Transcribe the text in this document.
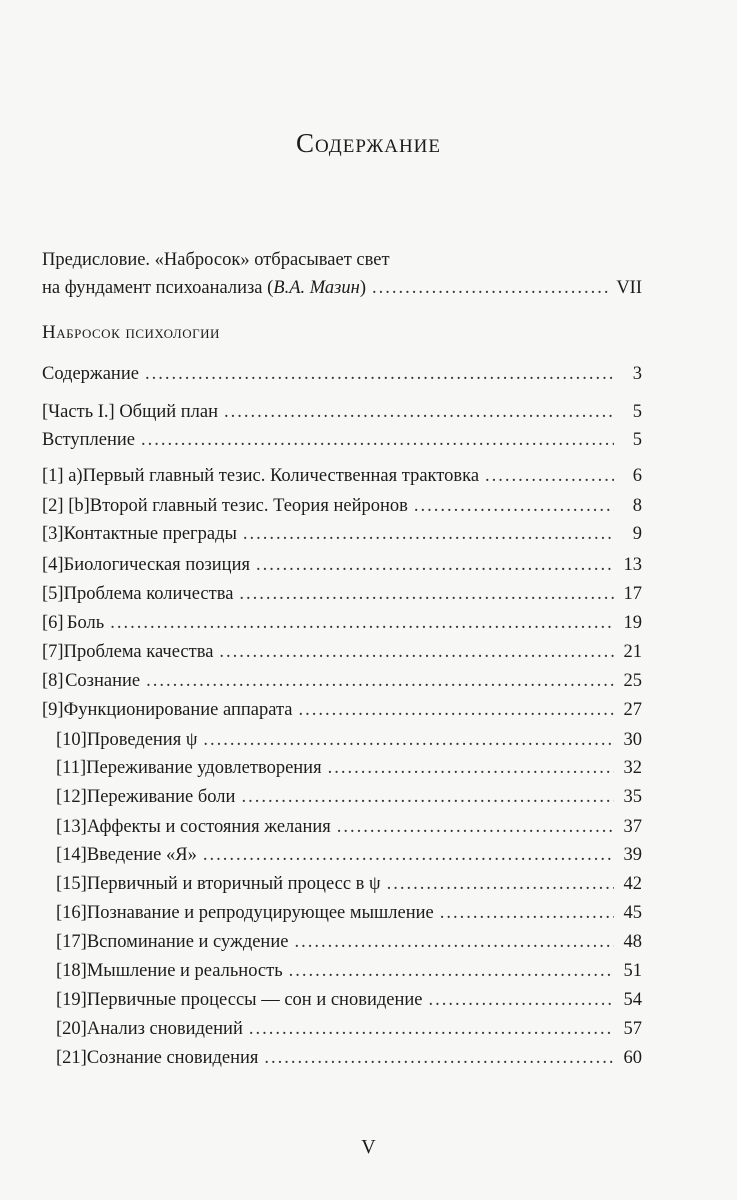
Содержание
Предисловие. «Набросок» отбрасывает свет
на фундамент психоанализа (В.А. Мазин) .....	VII
Набросок психологии
Содержание .....	3
[Часть I.] Общий план .....	5
Вступление .....	5
[1] a) Первый главный тезис. Количественная трактовка .....	6
[2] [b] Второй главный тезис. Теория нейронов .....	8
[3] Контактные преграды .....	9
[4] Биологическая позиция .....	13
[5] Проблема количества .....	17
[6] Боль .....	19
[7] Проблема качества .....	21
[8] Сознание .....	25
[9] Функционирование аппарата .....	27
[10] Проведения ψ .....	30
[11] Переживание удовлетворения .....	32
[12] Переживание боли .....	35
[13] Аффекты и состояния желания .....	37
[14] Введение «Я» .....	39
[15] Первичный и вторичный процесс в ψ .....	42
[16] Познавание и репродуцирующее мышление .....	45
[17] Вспоминание и суждение .....	48
[18] Мышление и реальность .....	51
[19] Первичные процессы — сон и сновидение .....	54
[20] Анализ сновидений .....	57
[21] Сознание сновидения .....	60
V
